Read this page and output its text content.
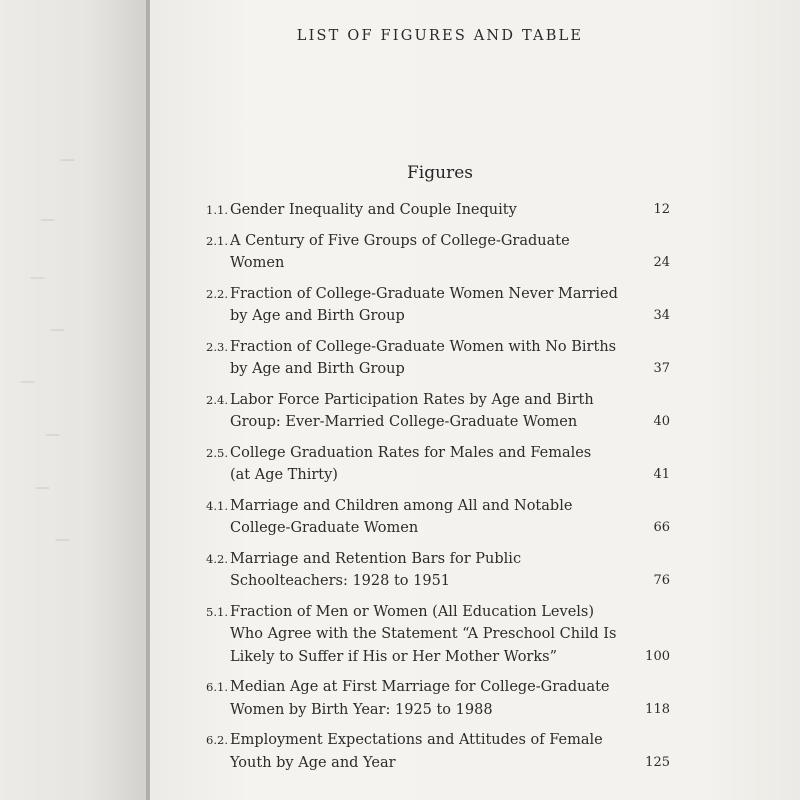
—
—
—
—
—
—
—
—
LIST OF FIGURES AND TABLE
Figures
1.1. Gender Inequality and Couple Inequity	12
2.1. A Century of Five Groups of College-Graduate
Women	24
2.2. Fraction of College-Graduate Women Never Married
by Age and Birth Group	34
2.3. Fraction of College-Graduate Women with No Births
by Age and Birth Group	37
2.4. Labor Force Participation Rates by Age and Birth
Group: Ever-Married College-Graduate Women	40
2.5. College Graduation Rates for Males and Females
(at Age Thirty)	41
4.1. Marriage and Children among All and Notable
College-Graduate Women	66
4.2. Marriage and Retention Bars for Public
Schoolteachers: 1928 to 1951	76
5.1. Fraction of Men or Women (All Education Levels)
Who Agree with the Statement “A Preschool Child Is
Likely to Suffer if His or Her Mother Works”	100
6.1. Median Age at First Marriage for College-Graduate
Women by Birth Year: 1925 to 1988	118
6.2. Employment Expectations and Attitudes of Female
Youth by Age and Year	125
